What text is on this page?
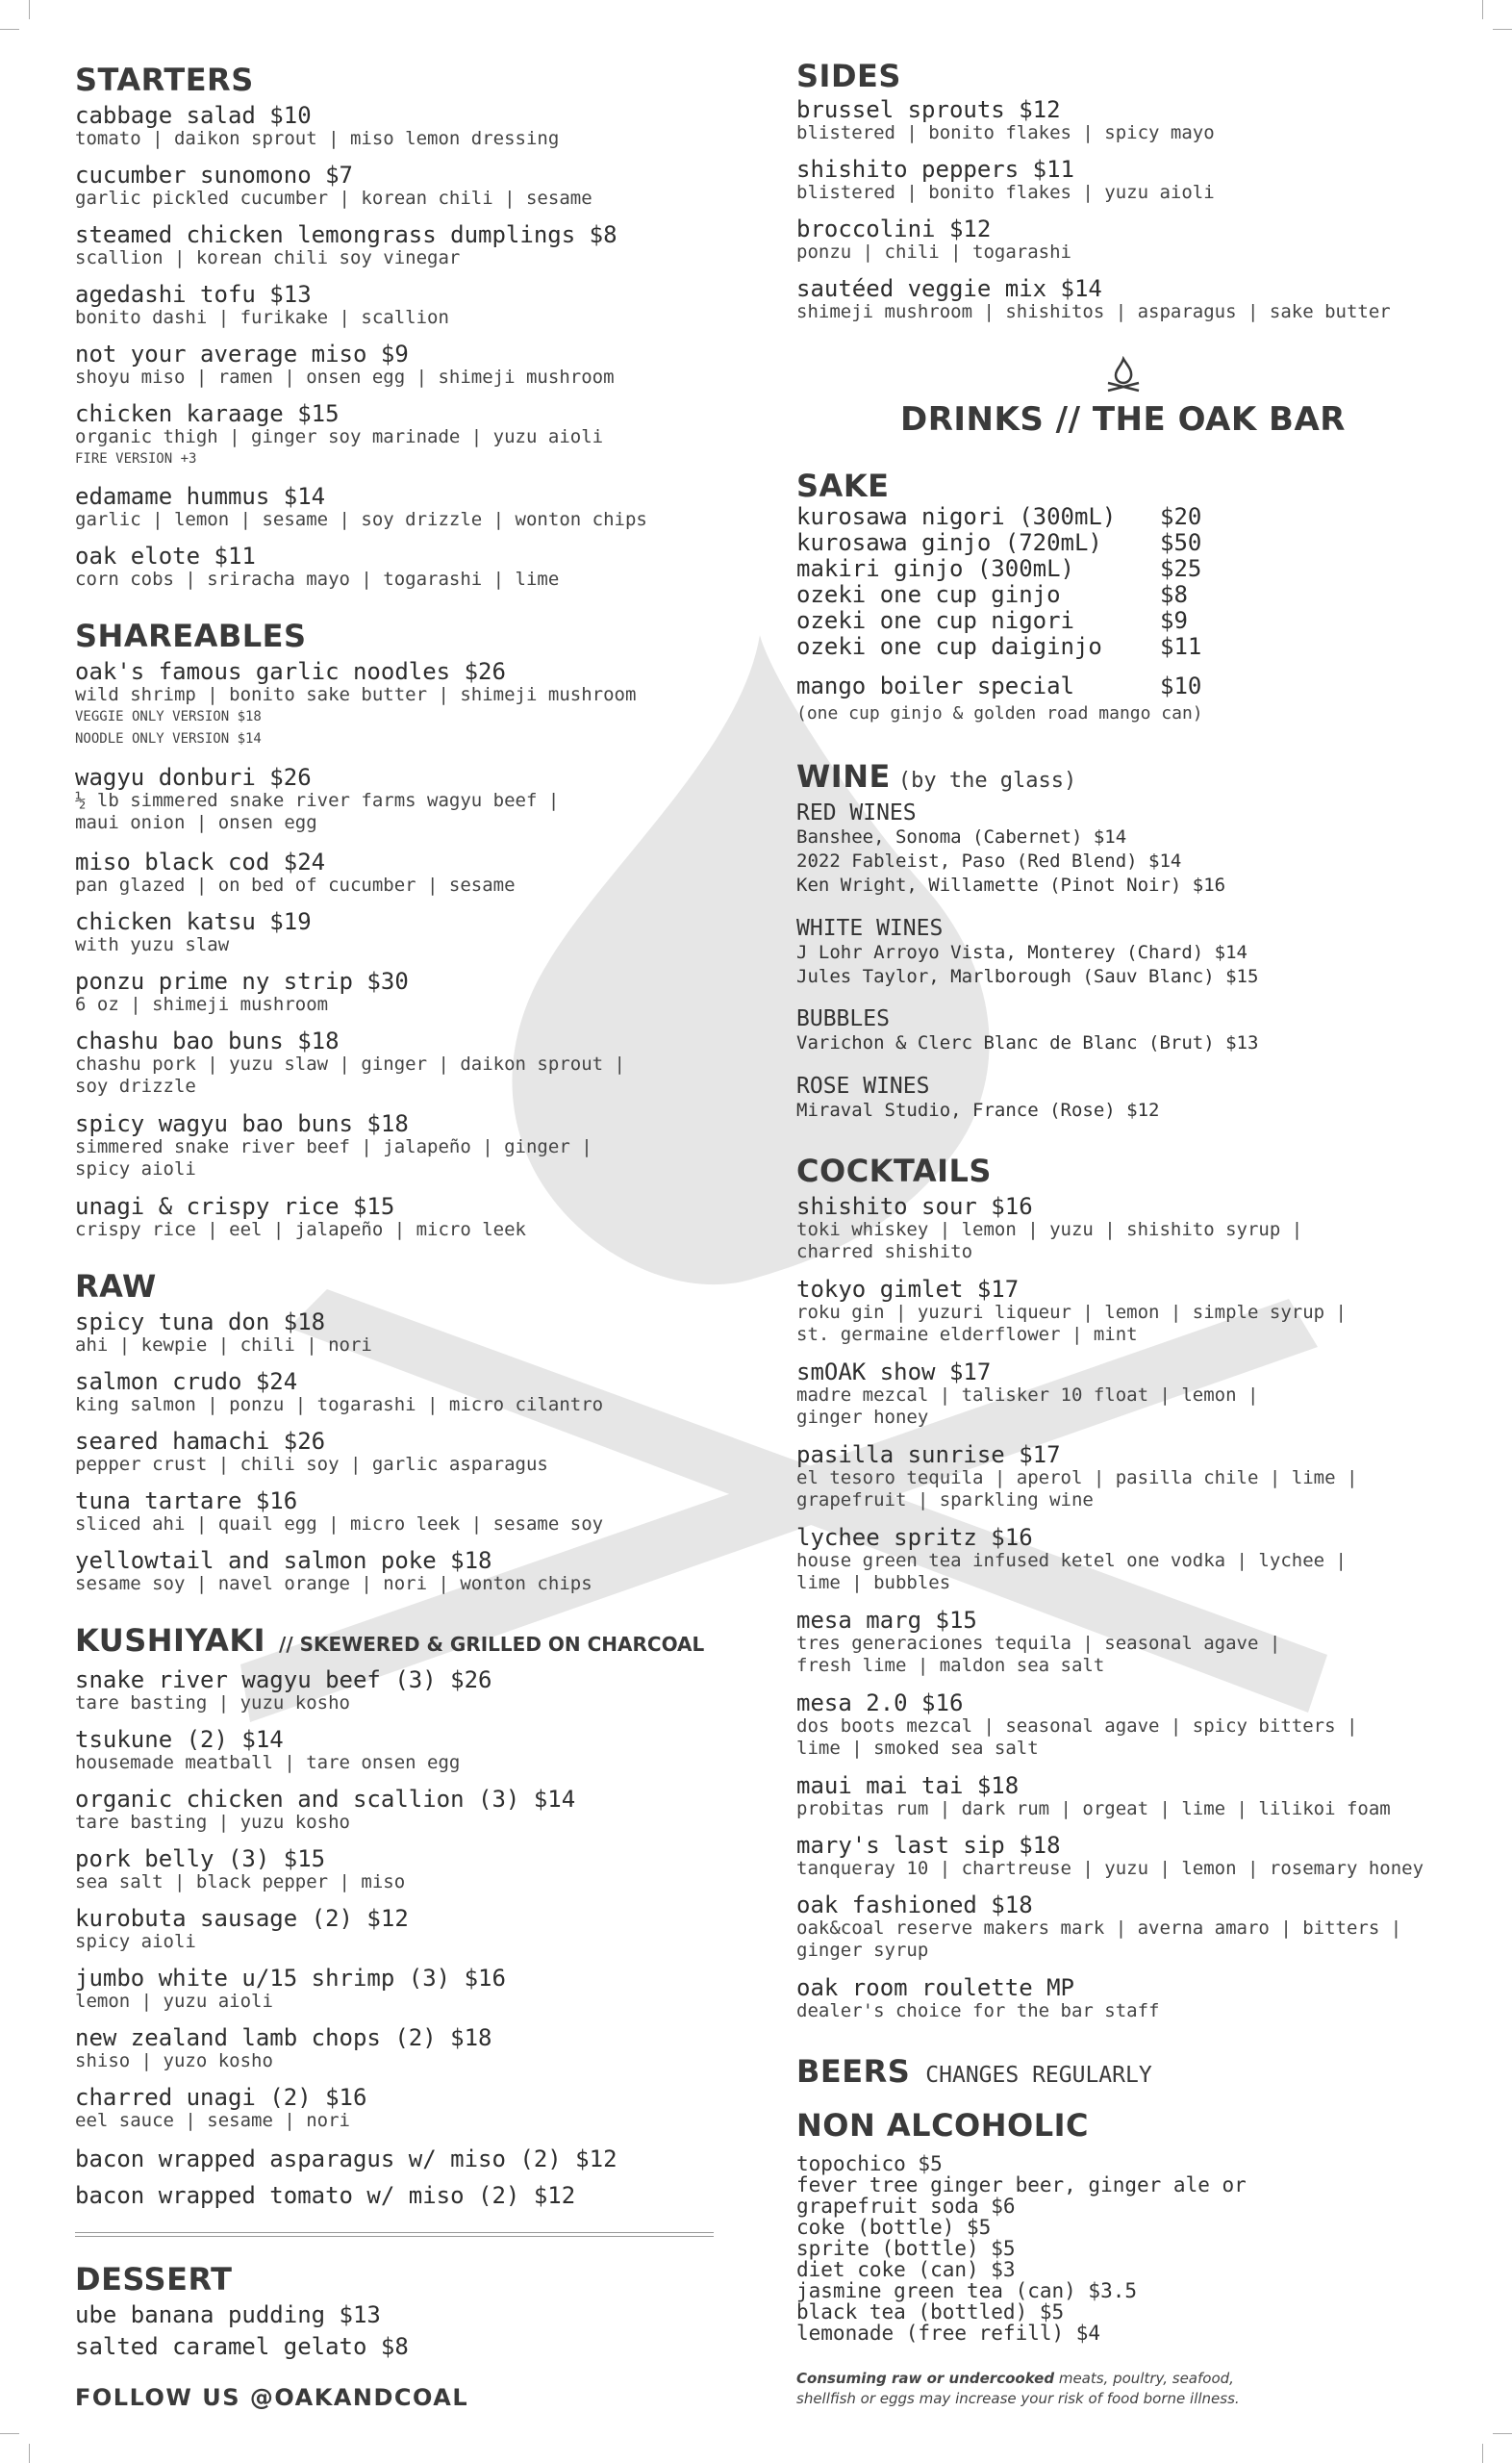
STARTERS
cabbage salad $10
tomato | daikon sprout | miso lemon dressing
cucumber sunomono $7
garlic pickled cucumber | korean chili | sesame
steamed chicken lemongrass dumplings $8
scallion | korean chili soy vinegar
agedashi tofu $13
bonito dashi | furikake | scallion
not your average miso $9
shoyu miso | ramen | onsen egg | shimeji mushroom
chicken karaage $15
organic thigh | ginger soy marinade | yuzu aioli
FIRE VERSION +3
edamame hummus $14
garlic | lemon | sesame | soy drizzle | wonton chips
oak elote $11
corn cobs | sriracha mayo | togarashi | lime
SHAREABLES
oak's famous garlic noodles $26
wild shrimp | bonito sake butter | shimeji mushroom
VEGGIE ONLY VERSION $18
NOODLE ONLY VERSION $14
wagyu donburi $26
½ lb simmered snake river farms wagyu beef |
maui onion | onsen egg
miso black cod $24
pan glazed | on bed of cucumber | sesame
chicken katsu $19
with yuzu slaw
ponzu prime ny strip $30
6 oz | shimeji mushroom
chashu bao buns $18
chashu pork | yuzu slaw | ginger | daikon sprout |
soy drizzle
spicy wagyu bao buns $18
simmered snake river beef | jalapeño | ginger |
spicy aioli
unagi & crispy rice $15
crispy rice | eel | jalapeño | micro leek
RAW
spicy tuna don $18
ahi | kewpie | chili | nori
salmon crudo $24
king salmon | ponzu | togarashi | micro cilantro
seared hamachi $26
pepper crust | chili soy | garlic asparagus
tuna tartare $16
sliced ahi | quail egg | micro leek | sesame soy
yellowtail and salmon poke $18
sesame soy | navel orange | nori | wonton chips
KUSHIYAKI // SKEWERED & GRILLED ON CHARCOAL
snake river wagyu beef (3) $26
tare basting | yuzu kosho
tsukune (2) $14
housemade meatball | tare onsen egg
organic chicken and scallion (3) $14
tare basting | yuzu kosho
pork belly (3) $15
sea salt | black pepper | miso
kurobuta sausage (2) $12
spicy aioli
jumbo white u/15 shrimp (3) $16
lemon | yuzu aioli
new zealand lamb chops (2) $18
shiso | yuzo kosho
charred unagi (2) $16
eel sauce | sesame | nori
bacon wrapped asparagus w/ miso (2) $12
bacon wrapped tomato w/ miso (2) $12
DESSERT
ube banana pudding $13
salted caramel gelato $8
FOLLOW US @OAKANDCOAL
SIDES
brussel sprouts $12
blistered | bonito flakes | spicy mayo
shishito peppers $11
blistered | bonito flakes | yuzu aioli
broccolini $12
ponzu | chili | togarashi
sautéed veggie mix $14
shimeji mushroom | shishitos | asparagus | sake butter
DRINKS // THE OAK BAR
SAKE
kurosawa nigori (300mL) $20
kurosawa ginjo (720mL)	$50
makiri ginjo (300mL)	$25
ozeki one cup ginjo	$8
ozeki one cup nigori	$9
ozeki one cup daiginjo	$11
mango boiler special	$10
(one cup ginjo & golden road mango can)
WINE (by the glass)
RED WINES
Banshee, Sonoma (Cabernet) $14
2022 Fableist, Paso (Red Blend) $14
Ken Wright, Willamette (Pinot Noir) $16
WHITE WINES
J Lohr Arroyo Vista, Monterey (Chard) $14
Jules Taylor, Marlborough (Sauv Blanc) $15
BUBBLES
Varichon & Clerc Blanc de Blanc (Brut) $13
ROSE WINES
Miraval Studio, France (Rose) $12
COCKTAILS
shishito sour $16
toki whiskey | lemon | yuzu | shishito syrup |
charred shishito
tokyo gimlet $17
roku gin | yuzuri liqueur | lemon | simple syrup |
st. germaine elderflower | mint
smOAK show $17
madre mezcal | talisker 10 float | lemon |
ginger honey
pasilla sunrise $17
el tesoro tequila | aperol | pasilla chile | lime |
grapefruit | sparkling wine
lychee spritz $16
house green tea infused ketel one vodka | lychee |
lime | bubbles
mesa marg $15
tres generaciones tequila | seasonal agave |
fresh lime | maldon sea salt
mesa 2.0 $16
dos boots mezcal | seasonal agave | spicy bitters |
lime | smoked sea salt
maui mai tai $18
probitas rum | dark rum | orgeat | lime | lilikoi foam
mary's last sip $18
tanqueray 10 | chartreuse | yuzu | lemon | rosemary honey
oak fashioned $18
oak&coal reserve makers mark | averna amaro | bitters |
ginger syrup
oak room roulette MP
dealer's choice for the bar staff
BEERS CHANGES REGULARLY
NON ALCOHOLIC
topochico $5
fever tree ginger beer, ginger ale or
grapefruit soda $6
coke (bottle) $5
sprite (bottle) $5
diet coke (can) $3
jasmine green tea (can) $3.5
black tea (bottled) $5
lemonade (free refill) $4
Consuming raw or undercooked meats, poultry, seafood,
shellfish or eggs may increase your risk of food borne illness.
